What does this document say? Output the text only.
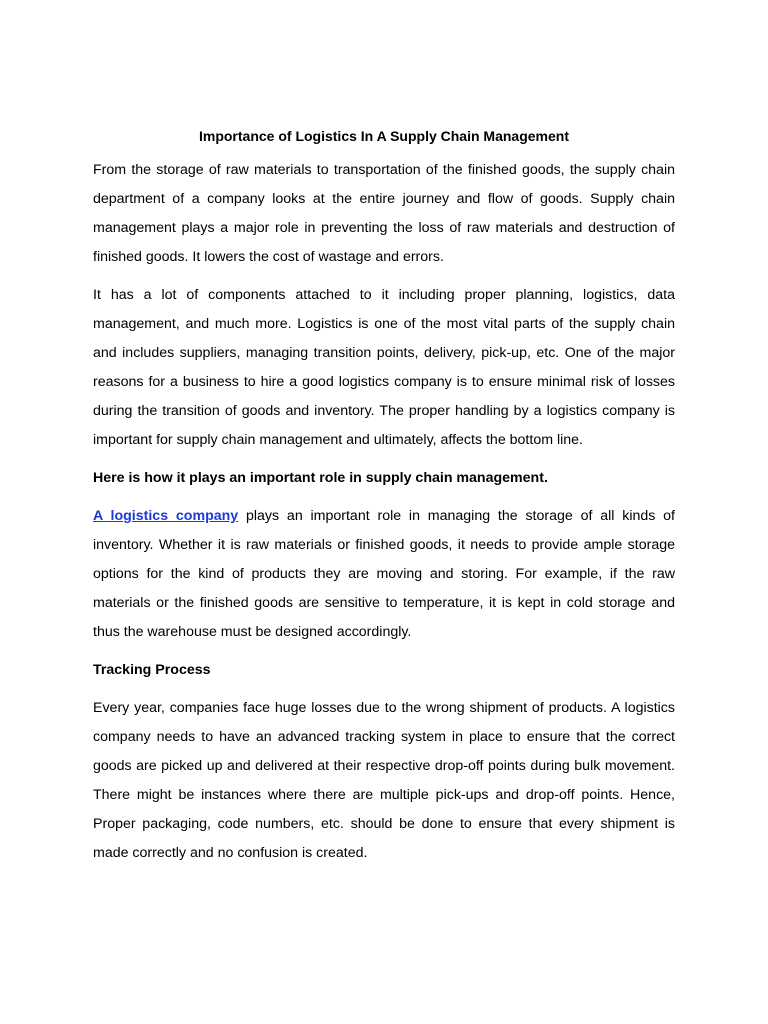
Importance of Logistics In A Supply Chain Management

From the storage of raw materials to transportation of the finished goods, the supply chain department of a company looks at the entire journey and flow of goods. Supply chain management plays a major role in preventing the loss of raw materials and destruction of finished goods. It lowers the cost of wastage and errors.

It has a lot of components attached to it including proper planning, logistics, data management, and much more. Logistics is one of the most vital parts of the supply chain and includes suppliers, managing transition points, delivery, pick-up, etc. One of the major reasons for a business to hire a good logistics company is to ensure minimal risk of losses during the transition of goods and inventory. The proper handling by a logistics company is important for supply chain management and ultimately, affects the bottom line.

Here is how it plays an important role in supply chain management.

A logistics company plays an important role in managing the storage of all kinds of inventory. Whether it is raw materials or finished goods, it needs to provide ample storage options for the kind of products they are moving and storing. For example, if the raw materials or the finished goods are sensitive to temperature, it is kept in cold storage and thus the warehouse must be designed accordingly.

Tracking Process

Every year, companies face huge losses due to the wrong shipment of products. A logistics company needs to have an advanced tracking system in place to ensure that the correct goods are picked up and delivered at their respective drop-off points during bulk movement. There might be instances where there are multiple pick-ups and drop-off points. Hence, Proper packaging, code numbers, etc. should be done to ensure that every shipment is made correctly and no confusion is created.
